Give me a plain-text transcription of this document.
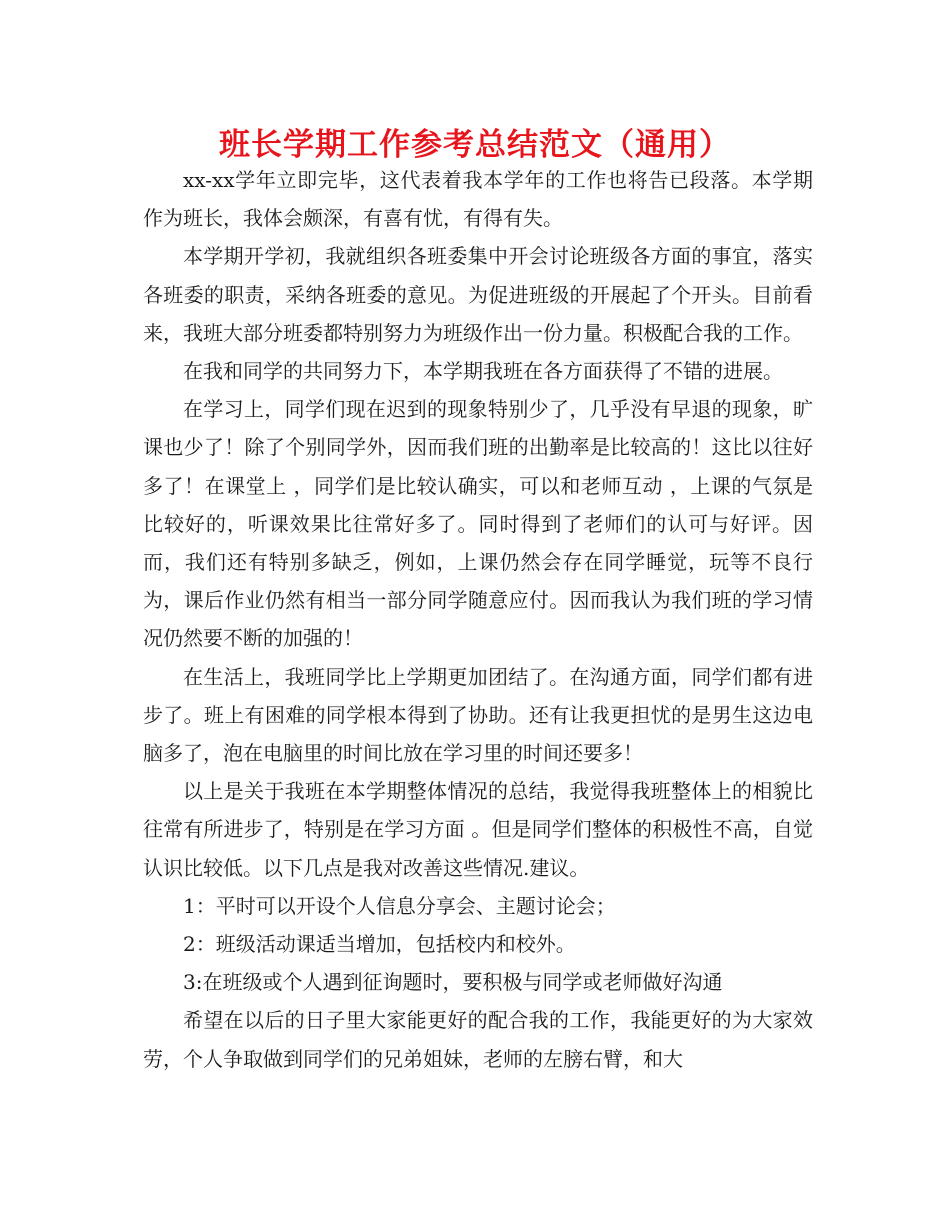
班长学期工作参考总结范文（通用）

xx-xx学年立即完毕，这代表着我本学年的工作也将告已段落。本学期作为班长，我体会颇深，有喜有忧，有得有失。

本学期开学初，我就组织各班委集中开会讨论班级各方面的事宜，落实各班委的职责，采纳各班委的意见。为促进班级的开展起了个开头。目前看来，我班大部分班委都特别努力为班级作出一份力量。积极配合我的工作。

在我和同学的共同努力下，本学期我班在各方面获得了不错的进展。

在学习上，同学们现在迟到的现象特别少了，几乎没有早退的现象，旷课也少了！除了个别同学外，因而我们班的出勤率是比较高的！这比以往好多了！在课堂上 ，同学们是比较认确实，可以和老师互动 ，上课的气氛是比较好的，听课效果比往常好多了。同时得到了老师们的认可与好评。因而，我们还有特别多缺乏，例如，上课仍然会存在同学睡觉，玩等不良行为，课后作业仍然有相当一部分同学随意应付。因而我认为我们班的学习情况仍然要不断的加强的！

在生活上，我班同学比上学期更加团结了。在沟通方面，同学们都有进步了。班上有困难的同学根本得到了协助。还有让我更担忧的是男生这边电脑多了，泡在电脑里的时间比放在学习里的时间还要多！

以上是关于我班在本学期整体情况的总结，我觉得我班整体上的相貌比往常有所进步了，特别是在学习方面 。但是同学们整体的积极性不高，自觉认识比较低。以下几点是我对改善这些情况.建议。

1：平时可以开设个人信息分享会、主题讨论会；

2：班级活动课适当增加，包括校内和校外。

3:在班级或个人遇到征询题时，要积极与同学或老师做好沟通

希望在以后的日子里大家能更好的配合我的工作，我能更好的为大家效劳，个人争取做到同学们的兄弟姐妹，老师的左膀右臂，和大
